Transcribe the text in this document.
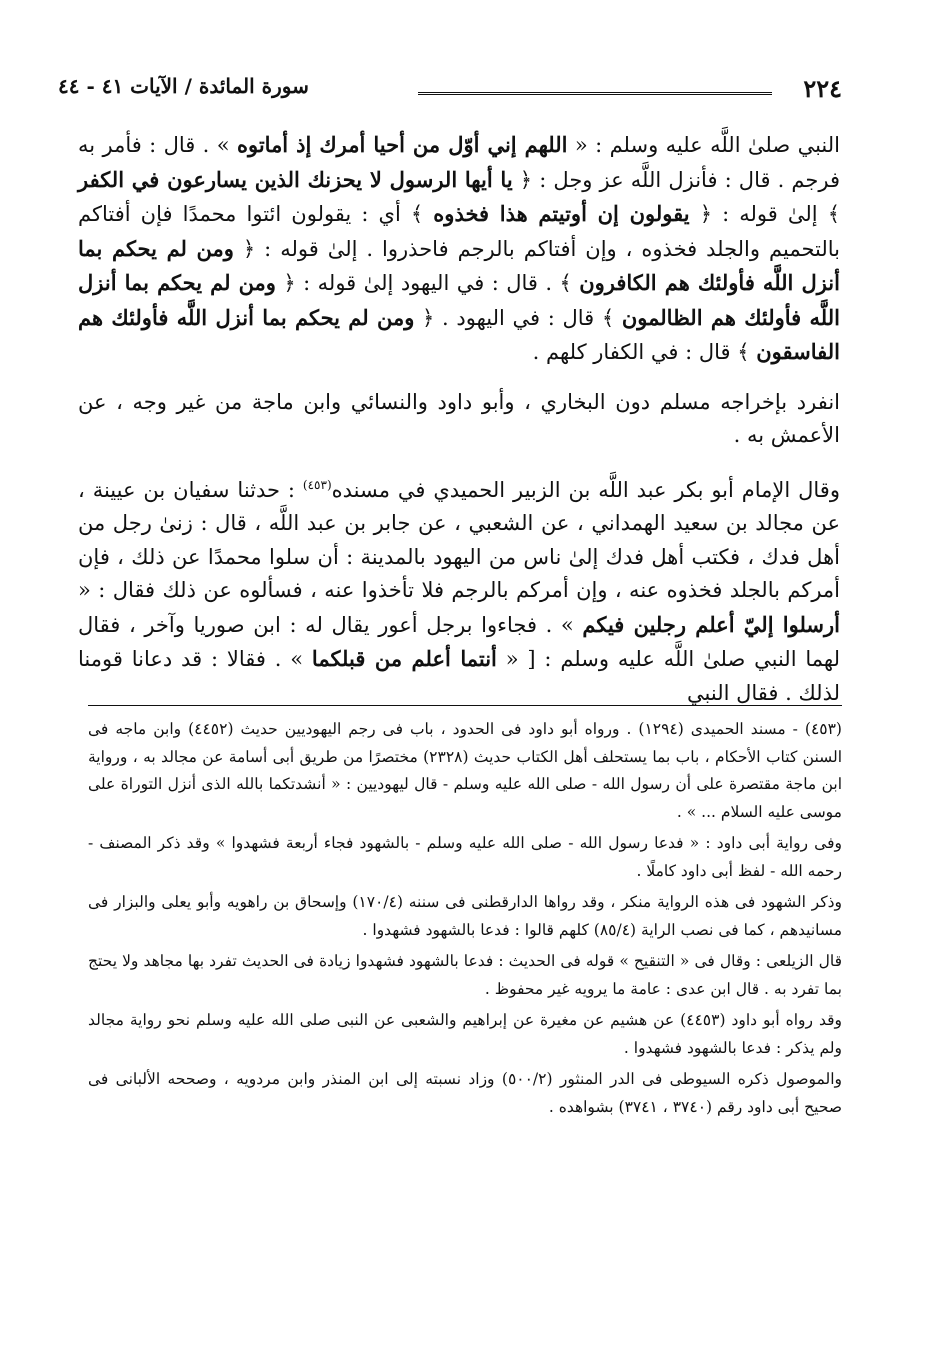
٢٢٤
سورة المائدة / الآيات ٤١ - ٤٤

النبي صلىٰ اللَّه عليه وسلم : « اللهم إني أوّل من أحيا أمرك إذ أماتوه » . قال : فأمر به فرجم . قال : فأنزل اللَّه عز وجل : ﴿ يا أيها الرسول لا يحزنك الذين يسارعون في الكفر ﴾ إلىٰ قوله : ﴿ يقولون إن أوتيتم هذا فخذوه ﴾ أي : يقولون ائتوا محمدًا فإن أفتاكم بالتحميم والجلد فخذوه ، وإن أفتاكم بالرجم فاحذروا . إلىٰ قوله : ﴿ ومن لم يحكم بما أنزل اللَّه فأولئك هم الكافرون ﴾ . قال : في اليهود إلىٰ قوله : ﴿ ومن لم يحكم بما أنزل اللَّه فأولئك هم الظالمون ﴾ قال : في اليهود . ﴿ ومن لم يحكم بما أنزل اللَّه فأولئك هم الفاسقون ﴾ قال : في الكفار كلهم .

انفرد بإخراجه مسلم دون البخاري ، وأبو داود والنسائي وابن ماجة من غير وجه ، عن الأعمش به .

وقال الإمام أبو بكر عبد اللَّه بن الزبير الحميدي في مسنده$^{(٤٥٣)}$ : حدثنا سفيان بن عيينة ، عن مجالد بن سعيد الهمداني ، عن الشعبي ، عن جابر بن عبد اللَّه ، قال : زنىٰ رجل من أهل فدك ، فكتب أهل فدك إلىٰ ناس من اليهود بالمدينة : أن سلوا محمدًا عن ذلك ، فإن أمركم بالجلد فخذوه عنه ، وإن أمركم بالرجم فلا تأخذوا عنه ، فسألوه عن ذلك فقال : « أرسلوا إليّ أعلم رجلين فيكم » . فجاءوا برجل أعور يقال له : ابن صوريا وآخر ، فقال لهما النبي صلىٰ اللَّه عليه وسلم : [ « أنتما أعلم من قبلكما » . فقالا : قد دعانا قومنا لذلك . فقال النبي

(٤٥٣) - مسند الحميدى (١٢٩٤) . ورواه أبو داود فى الحدود ، باب فى رجم اليهوديين حديث (٤٤٥٢) وابن ماجه فى السنن كتاب الأحكام ، باب بما يستحلف أهل الكتاب حديث (٢٣٢٨) مختصرًا من طريق أبى أسامة عن مجالد به ، ورواية ابن ماجة مقتصرة على أن رسول الله - صلى الله عليه وسلم - قال ليهوديين : « أنشدتكما بالله الذى أنزل التوراة على موسى عليه السلام ... » .

وفى رواية أبى داود : « فدعا رسول الله - صلى الله عليه وسلم - بالشهود فجاء أربعة فشهدوا » وقد ذكر المصنف - رحمه الله - لفظ أبى داود كاملًا .

وذكر الشهود فى هذه الرواية منكر ، وقد رواها الدارقطنى فى سننه (١٧٠/٤) وإسحاق بن راهويه وأبو يعلى والبزار فى مسانيدهم ، كما فى نصب الراية (٨٥/٤) كلهم قالوا : فدعا بالشهود فشهدوا .

قال الزيلعى : وقال فى « التنقيح » قوله فى الحديث : فدعا بالشهود فشهدوا زيادة فى الحديث تفرد بها مجاهد ولا يحتج بما تفرد به . قال ابن عدى : عامة ما يرويه غير محفوظ .

وقد رواه أبو داود (٤٤٥٣) عن هشيم عن مغيرة عن إبراهيم والشعبى عن النبى صلى الله عليه وسلم نحو رواية مجالد ولم يذكر : فدعا بالشهود فشهدوا .

والموصول ذكره السيوطى فى الدر المنثور (٥٠٠/٢) وزاد نسبته إلى ابن المنذر وابن مردويه ، وصححه الألبانى فى صحيح أبى داود رقم (٣٧٤٠ ، ٣٧٤١) بشواهده .
